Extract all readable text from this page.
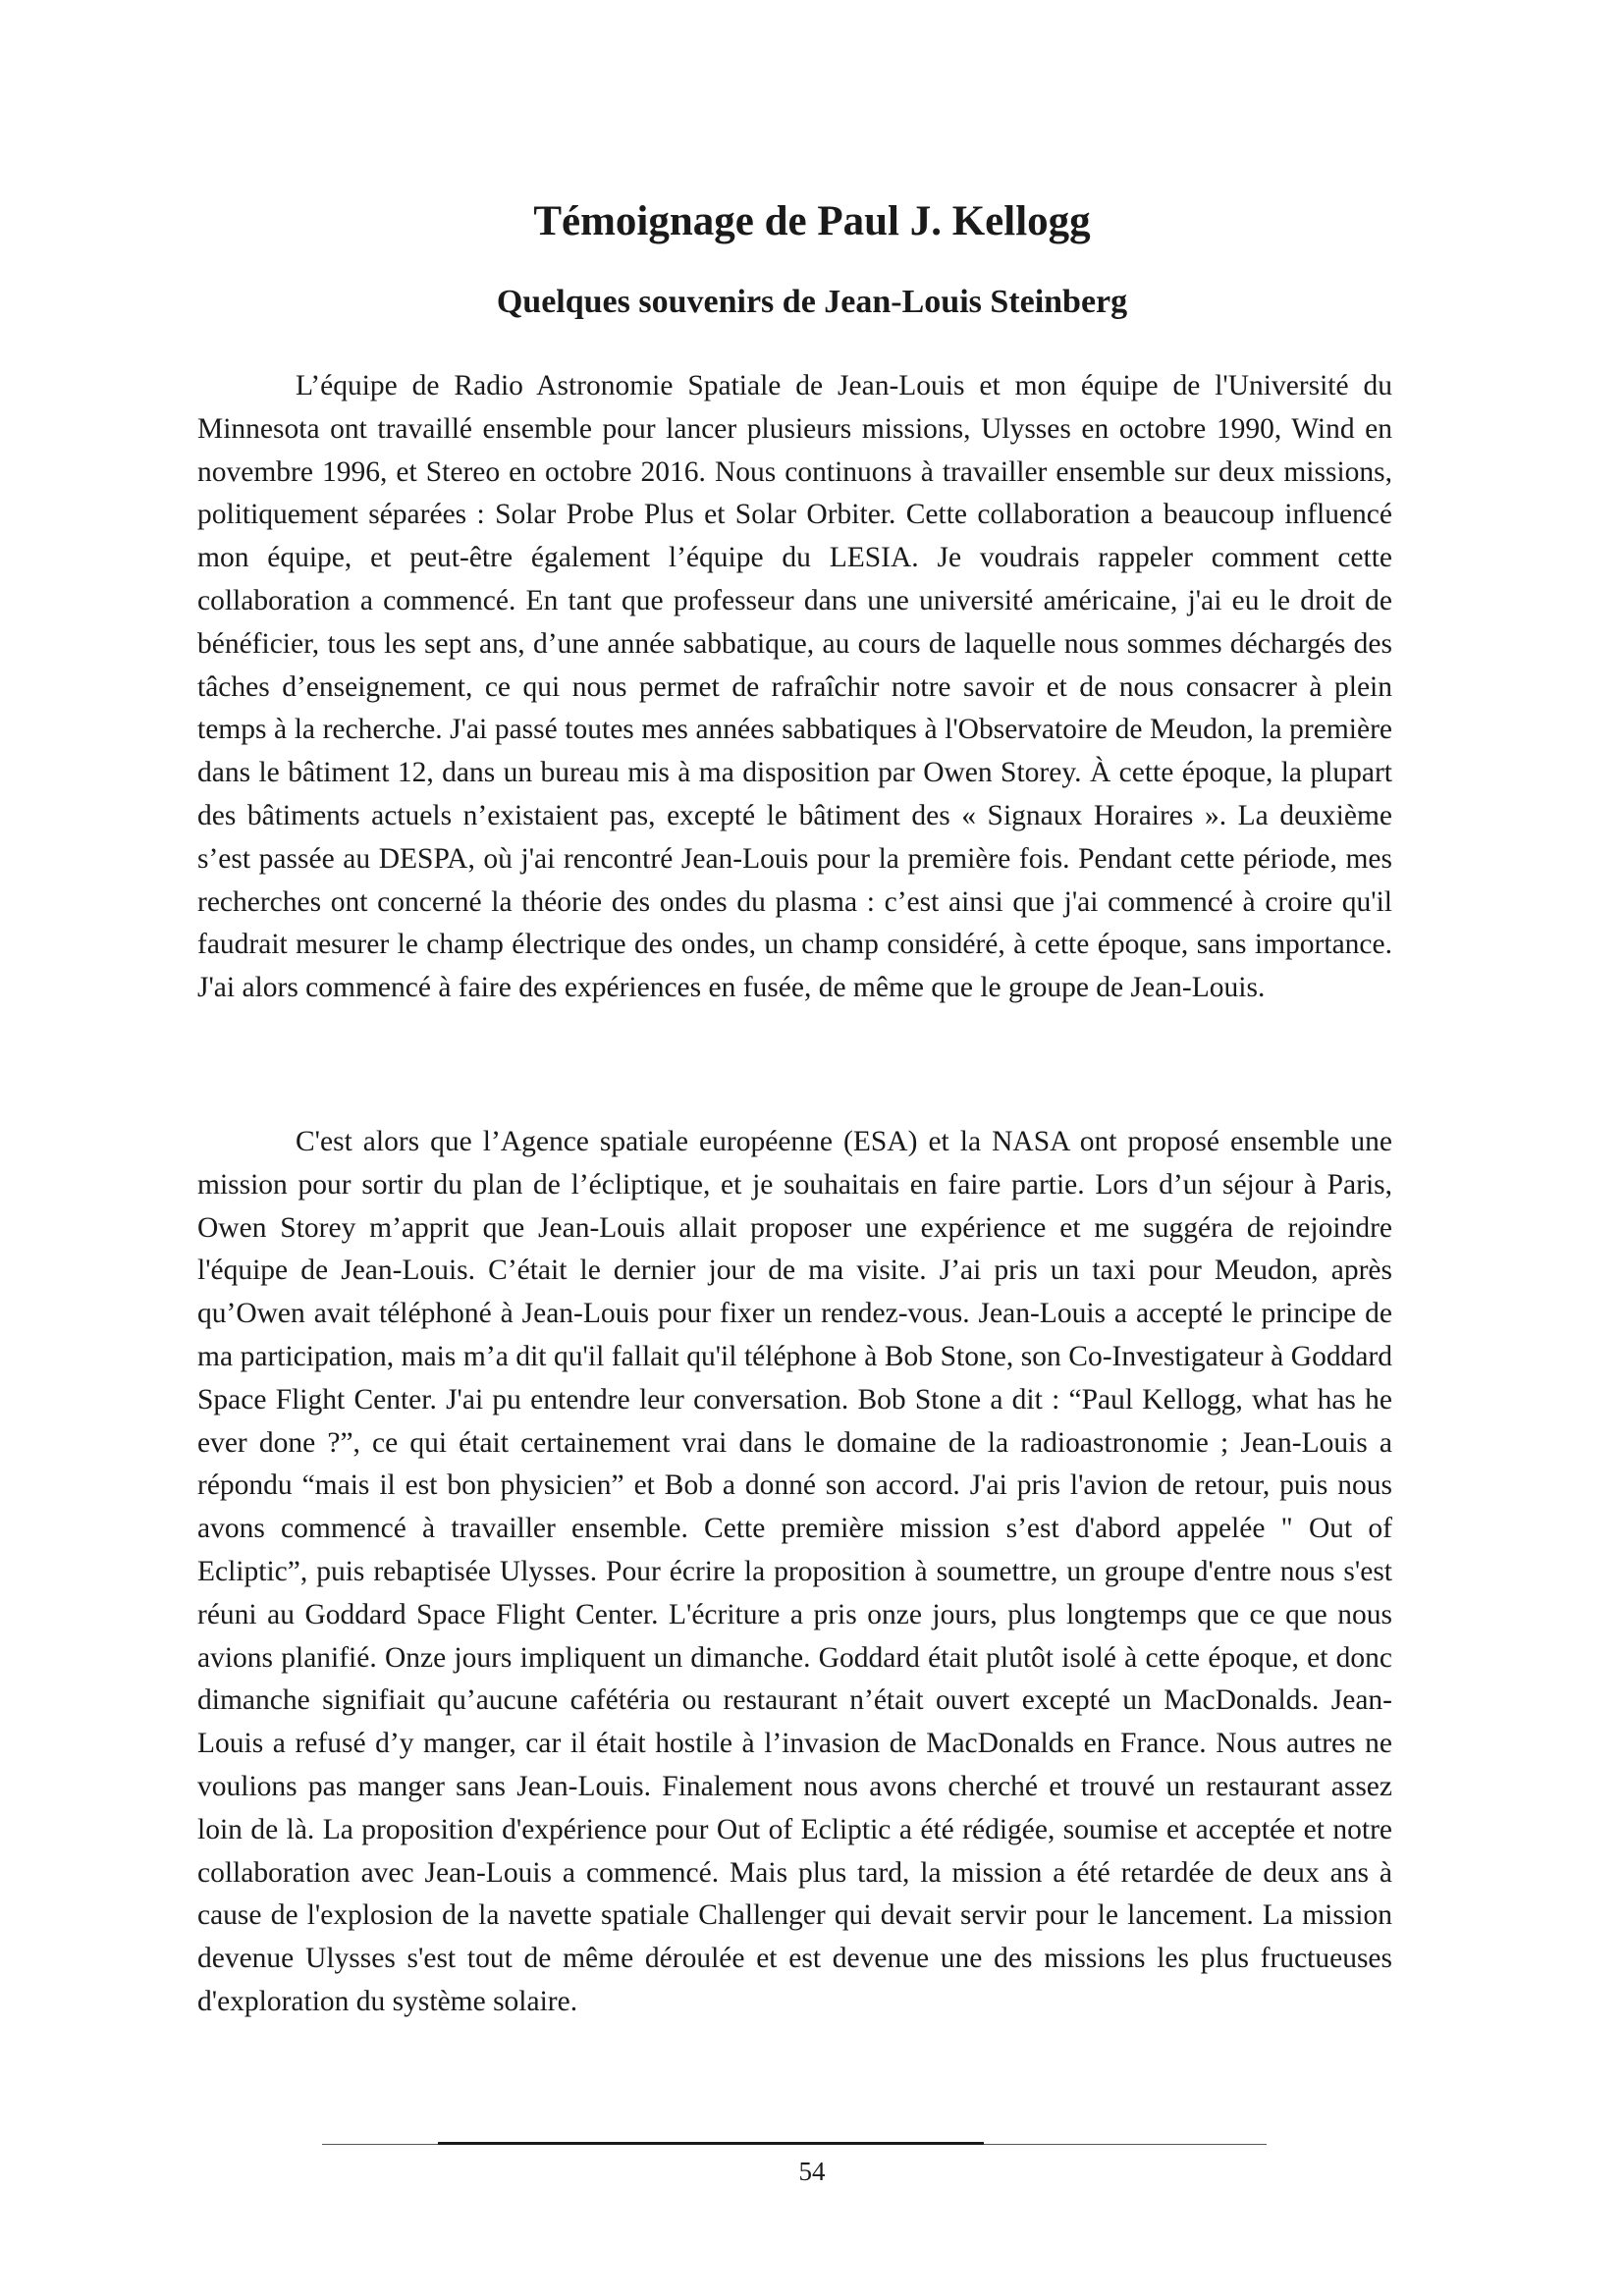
Témoignage de Paul J. Kellogg
Quelques souvenirs de Jean-Louis Steinberg

L’équipe de Radio Astronomie Spatiale de Jean-Louis et mon équipe de l'Université du Minnesota ont travaillé ensemble pour lancer plusieurs missions, Ulysses en octobre 1990, Wind en novembre 1996, et Stereo en octobre 2016. Nous continuons à travailler ensemble sur deux missions, politiquement séparées : Solar Probe Plus et Solar Orbiter. Cette collaboration a beaucoup influencé mon équipe, et peut-être également l’équipe du LESIA. Je voudrais rappeler comment cette collaboration a commencé. En tant que professeur dans une université américaine, j'ai eu le droit de bénéficier, tous les sept ans, d’une année sabbatique, au cours de laquelle nous sommes déchargés des tâches d’enseignement, ce qui nous permet de rafraîchir notre savoir et de nous consacrer à plein temps à la recherche. J'ai passé toutes mes années sabbatiques à l'Observatoire de Meudon, la première dans le bâtiment 12, dans un bureau mis à ma disposition par Owen Storey. À cette époque, la plupart des bâtiments actuels n’existaient pas, excepté le bâtiment des « Signaux Horaires ». La deuxième s’est passée au DESPA, où j'ai rencontré Jean-Louis pour la première fois. Pendant cette période, mes recherches ont concerné la théorie des ondes du plasma : c’est ainsi que j'ai commencé à croire qu'il faudrait mesurer le champ électrique des ondes, un champ considéré, à cette époque, sans importance. J'ai alors commencé à faire des expériences en fusée, de même que le groupe de Jean-Louis.

C'est alors que l’Agence spatiale européenne (ESA) et la NASA ont proposé ensemble une mission pour sortir du plan de l’écliptique, et je souhaitais en faire partie. Lors d’un séjour à Paris, Owen Storey m’apprit que Jean-Louis allait proposer une expérience et me suggéra de rejoindre l'équipe de Jean-Louis. C’était le dernier jour de ma visite. J’ai pris un taxi pour Meudon, après qu’Owen avait téléphoné à Jean-Louis pour fixer un rendez-vous. Jean-Louis a accepté le principe de ma participation, mais m’a dit qu'il fallait qu'il téléphone à Bob Stone, son Co-Investigateur à Goddard Space Flight Center. J'ai pu entendre leur conversation. Bob Stone a dit : “Paul Kellogg, what has he ever done ?”, ce qui était certainement vrai dans le domaine de la radioastronomie ; Jean-Louis a répondu “mais il est bon physicien” et Bob a donné son accord. J'ai pris l'avion de retour, puis nous avons commencé à travailler ensemble. Cette première mission s’est d'abord appelée " Out of Ecliptic”, puis rebaptisée Ulysses. Pour écrire la proposition à soumettre, un groupe d'entre nous s'est réuni au Goddard Space Flight Center. L'écriture a pris onze jours, plus longtemps que ce que nous avions planifié. Onze jours impliquent un dimanche. Goddard était plutôt isolé à cette époque, et donc dimanche signifiait qu’aucune cafétéria ou restaurant n’était ouvert excepté un MacDonalds. Jean-Louis a refusé d’y manger, car il était hostile à l’invasion de MacDonalds en France. Nous autres ne voulions pas manger sans Jean-Louis. Finalement nous avons cherché et trouvé un restaurant assez loin de là. La proposition d'expérience pour Out of Ecliptic a été rédigée, soumise et acceptée et notre collaboration avec Jean-Louis a commencé. Mais plus tard, la mission a été retardée de deux ans à cause de l'explosion de la navette spatiale Challenger qui devait servir pour le lancement. La mission devenue Ulysses s'est tout de même déroulée et est devenue une des missions les plus fructueuses d'exploration du système solaire.

54
